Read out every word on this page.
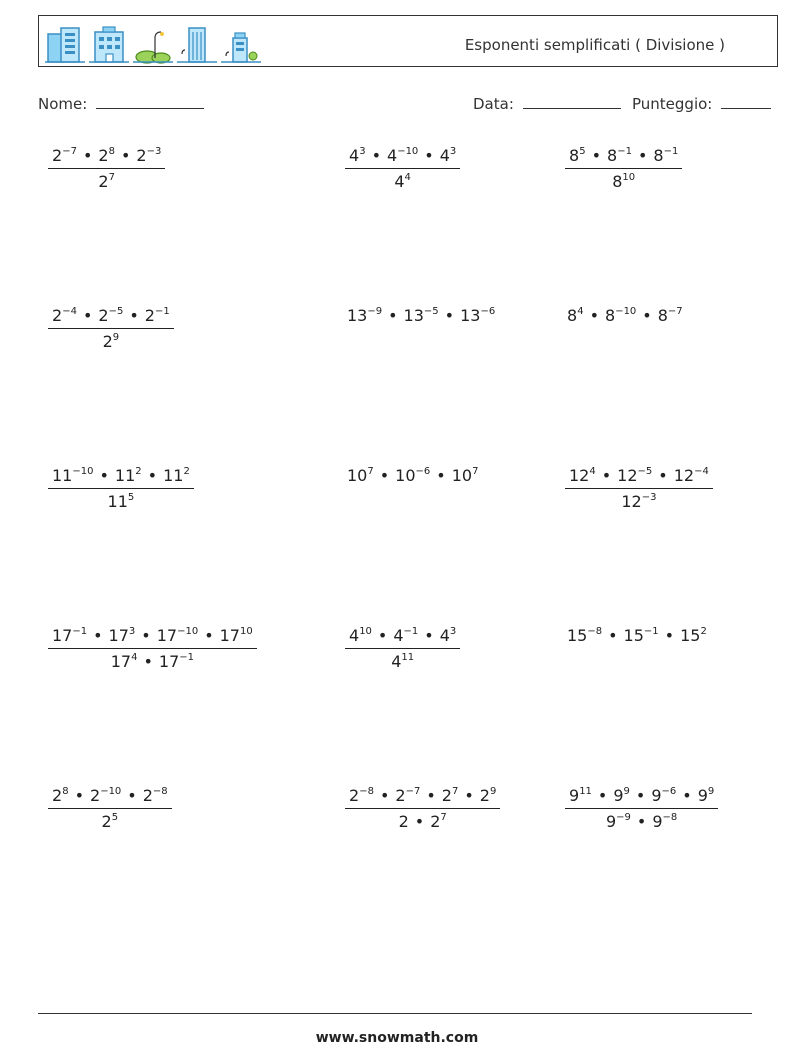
Esponenti semplificati ( Divisione )
Nome:	Data:	Punteggio:
$\frac{2^{-7} • 2^8 • 2^{-3}}{2^7}$	$\frac{4^3 • 4^{-10} • 4^3}{4^4}$	$\frac{8^5 • 8^{-1} • 8^{-1}}{8^{10}}$
$\frac{2^{-4} • 2^{-5} • 2^{-1}}{2^9}$	$13^{-9}$ • $13^{-5}$ • $13^{-6}$	$8^4$ • $8^{-10}$ • $8^{-7}$
$\frac{11^{-10} • 11^2 • 11^2}{11^5}$	$10^7$ • $10^{-6}$ • $10^7$	$\frac{12^4 • 12^{-5} • 12^{-4}}{12^{-3}}$
$\frac{17^{-1} • 17^3 • 17^{-10} • 17^{10}}{17^4 • 17^{-1}}$	$\frac{4^{10} • 4^{-1} • 4^3}{4^{11}}$	$15^{-8}$ • $15^{-1}$ • $15^2$
$\frac{2^8 • 2^{-10} • 2^{-8}}{2^5}$	$\frac{2^{-8} • 2^{-7} • 2^7 • 2^9}{2 • 2^7}$	$\frac{9^{11} • 9^9 • 9^{-6} • 9^9}{9^{-9} • 9^{-8}}$
www.snowmath.com
